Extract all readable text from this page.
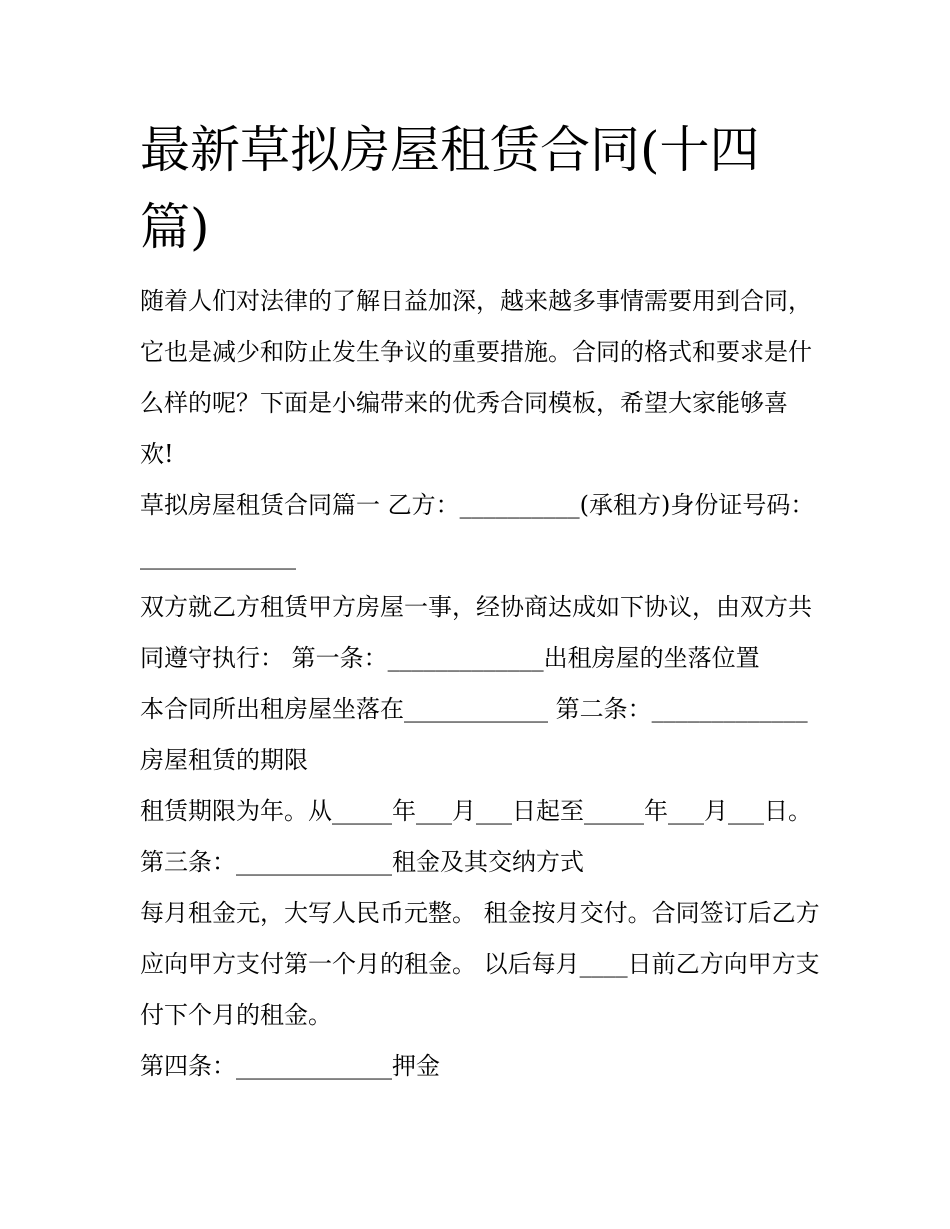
最新草拟房屋租赁合同(十四篇)

随着人们对法律的了解日益加深，越来越多事情需要用到合同，它也是减少和防止发生争议的重要措施。合同的格式和要求是什么样的呢？下面是小编带来的优秀合同模板，希望大家能够喜欢!

草拟房屋租赁合同篇一 乙方：__________(承租方)身份证号码：_____________

双方就乙方租赁甲方房屋一事，经协商达成如下协议，由双方共同遵守执行： 第一条：_____________出租房屋的坐落位置

本合同所出租房屋坐落在____________ 第二条：_____________房屋租赁的期限

租赁期限为年。从_____年___月___日起至_____年___月___日。 第三条：_____________租金及其交纳方式

每月租金元，大写人民币元整。 租金按月交付。合同签订后乙方应向甲方支付第一个月的租金。 以后每月____日前乙方向甲方支付下个月的租金。

第四条：_____________押金
